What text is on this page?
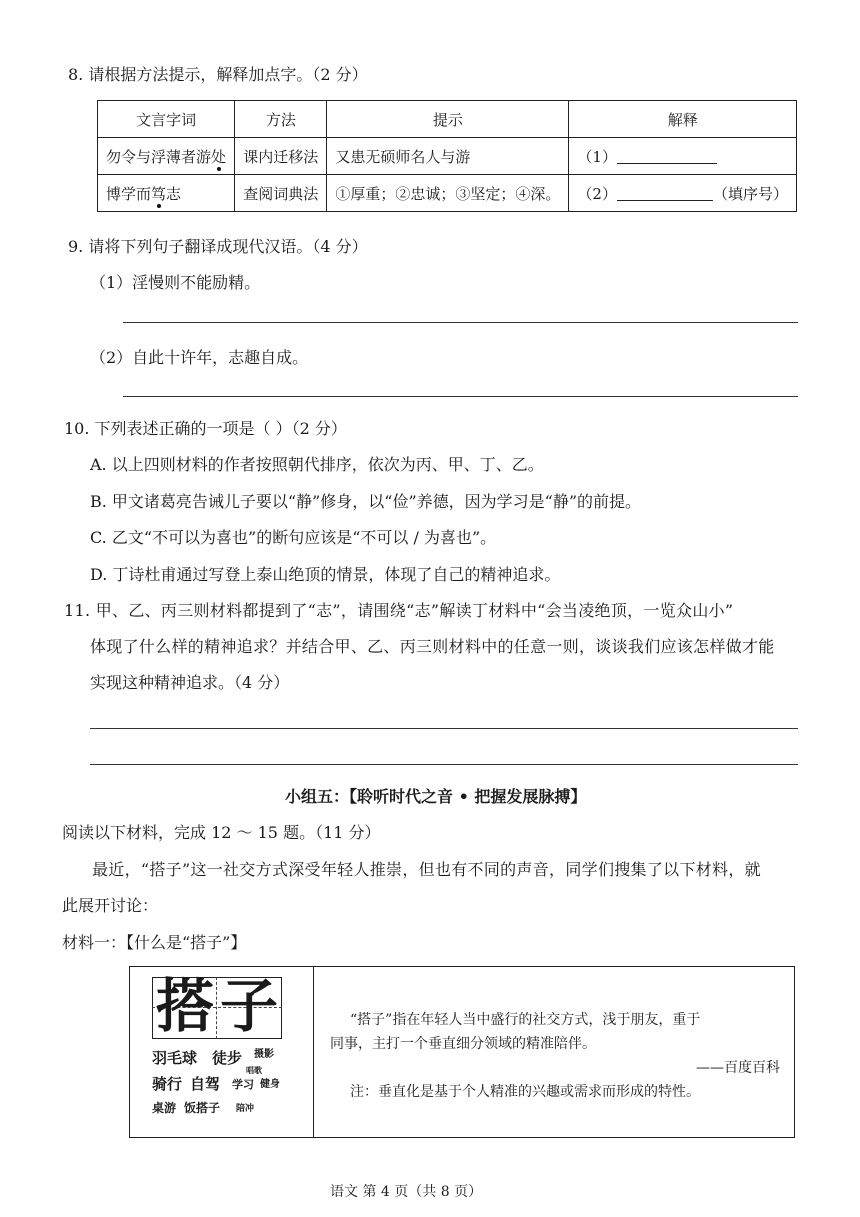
8. 请根据方法提示，解释加点字。（2 分）
文言字词	方法	提示	解释
勿令与浮薄者游处	课内迁移法	又患无硕师名人与游	（1）
博学而笃志	查阅词典法	①厚重；②忠诚；③坚定；④深。	（2） （填序号）
9. 请将下列句子翻译成现代汉语。（4 分）
（1）淫慢则不能励精。
（2）自此十许年，志趣自成。
10. 下列表述正确的一项是（ ）（2 分）
A. 以上四则材料的作者按照朝代排序，依次为丙、甲、丁、乙。
B. 甲文诸葛亮告诫儿子要以“静”修身，以“俭”养德，因为学习是“静”的前提。
C. 乙文“不可以为喜也”的断句应该是“不可以 / 为喜也”。
D. 丁诗杜甫通过写登上泰山绝顶的情景，体现了自己的精神追求。
11. 甲、乙、丙三则材料都提到了“志”，请围绕“志”解读丁材料中“会当凌绝顶，一览众山小”
体现了什么样的精神追求？并结合甲、乙、丙三则材料中的任意一则，谈谈我们应该怎样做才能
实现这种精神追求。（4 分）
小组五：【聆听时代之音 • 把握发展脉搏】
阅读以下材料，完成 12 ～ 15 题。（11 分）
最近，“搭子”这一社交方式深受年轻人推崇，但也有不同的声音，同学们搜集了以下材料，就
此展开讨论：
材料一：【什么是“搭子”】
搭 子
羽毛球 徒步 摄影
骑行 自驾 学习
唱歌
健身
桌游 饭搭子 陪冲
“搭子”指在年轻人当中盛行的社交方式，浅于朋友，重于
同事，主打一个垂直细分领域的精准陪伴。
——百度百科
注：垂直化是基于个人精准的兴趣或需求而形成的特性。
语文 第 4 页（共 8 页）
